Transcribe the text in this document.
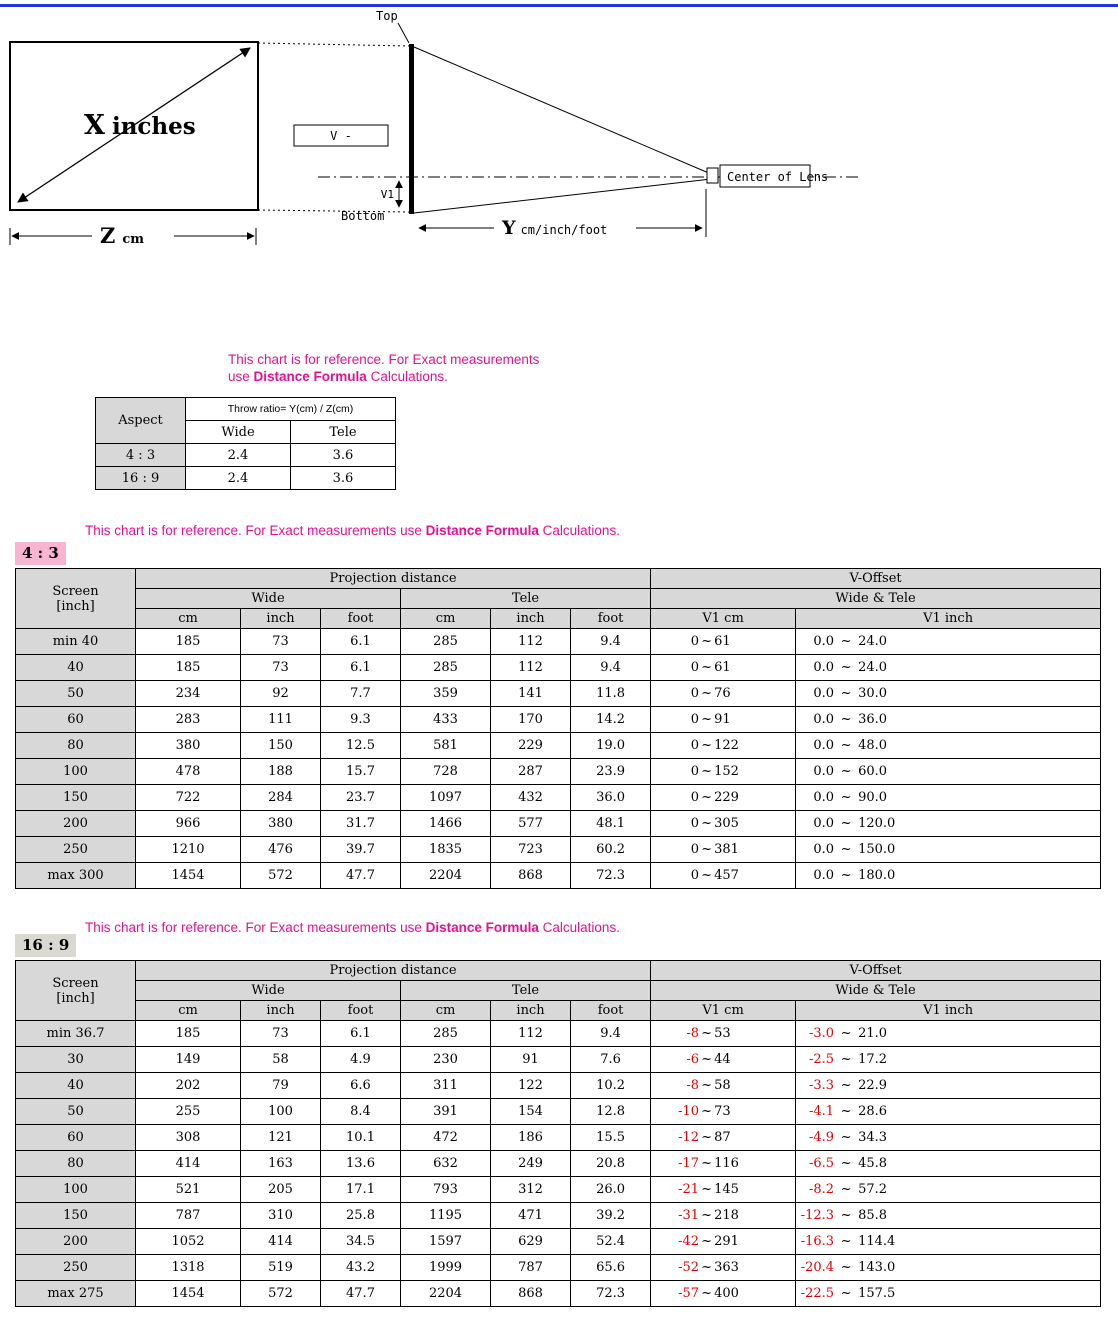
X inches
Zcm
Top
V -
V1
Bottom
Center of Lens
Ycm/inch/foot
This chart is for reference. For Exact measurements
use Distance Formula Calculations.
Aspect	Throw ratio= Y(cm) / Z(cm)	
	Wide	Tele
4 : 3	2.4	3.6
16 : 9	2.4	3.6
This chart is for reference. For Exact measurements use Distance Formula Calculations.
4 : 3
Screen
[inch]	Projection distance						V-Offset	
	Wide			Tele			Wide & Tele	
	cm	inch	foot	cm	inch	foot	V1 cm	V1 inch
min 40	185	73	6.1	285	112	9.4	0 ~ 61	0.0 ~ 24.0
40	185	73	6.1	285	112	9.4	0 ~ 61	0.0 ~ 24.0
50	234	92	7.7	359	141	11.8	0 ~ 76	0.0 ~ 30.0
60	283	111	9.3	433	170	14.2	0 ~ 91	0.0 ~ 36.0
80	380	150	12.5	581	229	19.0	0 ~ 122	0.0 ~ 48.0
100	478	188	15.7	728	287	23.9	0 ~ 152	0.0 ~ 60.0
150	722	284	23.7	1097	432	36.0	0 ~ 229	0.0 ~ 90.0
200	966	380	31.7	1466	577	48.1	0 ~ 305	0.0 ~ 120.0
250	1210	476	39.7	1835	723	60.2	0 ~ 381	0.0 ~ 150.0
max 300	1454	572	47.7	2204	868	72.3	0 ~ 457	0.0 ~ 180.0
This chart is for reference. For Exact measurements use Distance Formula Calculations.
16 : 9
Screen
[inch]	Projection distance						V-Offset	
	Wide			Tele			Wide & Tele	
	cm	inch	foot	cm	inch	foot	V1 cm	V1 inch
min 36.7	185	73	6.1	285	112	9.4	-8 ~ 53	-3.0 ~ 21.0
30	149	58	4.9	230	91	7.6	-6 ~ 44	-2.5 ~ 17.2
40	202	79	6.6	311	122	10.2	-8 ~ 58	-3.3 ~ 22.9
50	255	100	8.4	391	154	12.8	-10 ~ 73	-4.1 ~ 28.6
60	308	121	10.1	472	186	15.5	-12 ~ 87	-4.9 ~ 34.3
80	414	163	13.6	632	249	20.8	-17 ~ 116	-6.5 ~ 45.8
100	521	205	17.1	793	312	26.0	-21 ~ 145	-8.2 ~ 57.2
150	787	310	25.8	1195	471	39.2	-31 ~ 218	-12.3 ~ 85.8
200	1052	414	34.5	1597	629	52.4	-42 ~ 291	-16.3 ~ 114.4
250	1318	519	43.2	1999	787	65.6	-52 ~ 363	-20.4 ~ 143.0
max 275	1454	572	47.7	2204	868	72.3	-57 ~ 400	-22.5 ~ 157.5
